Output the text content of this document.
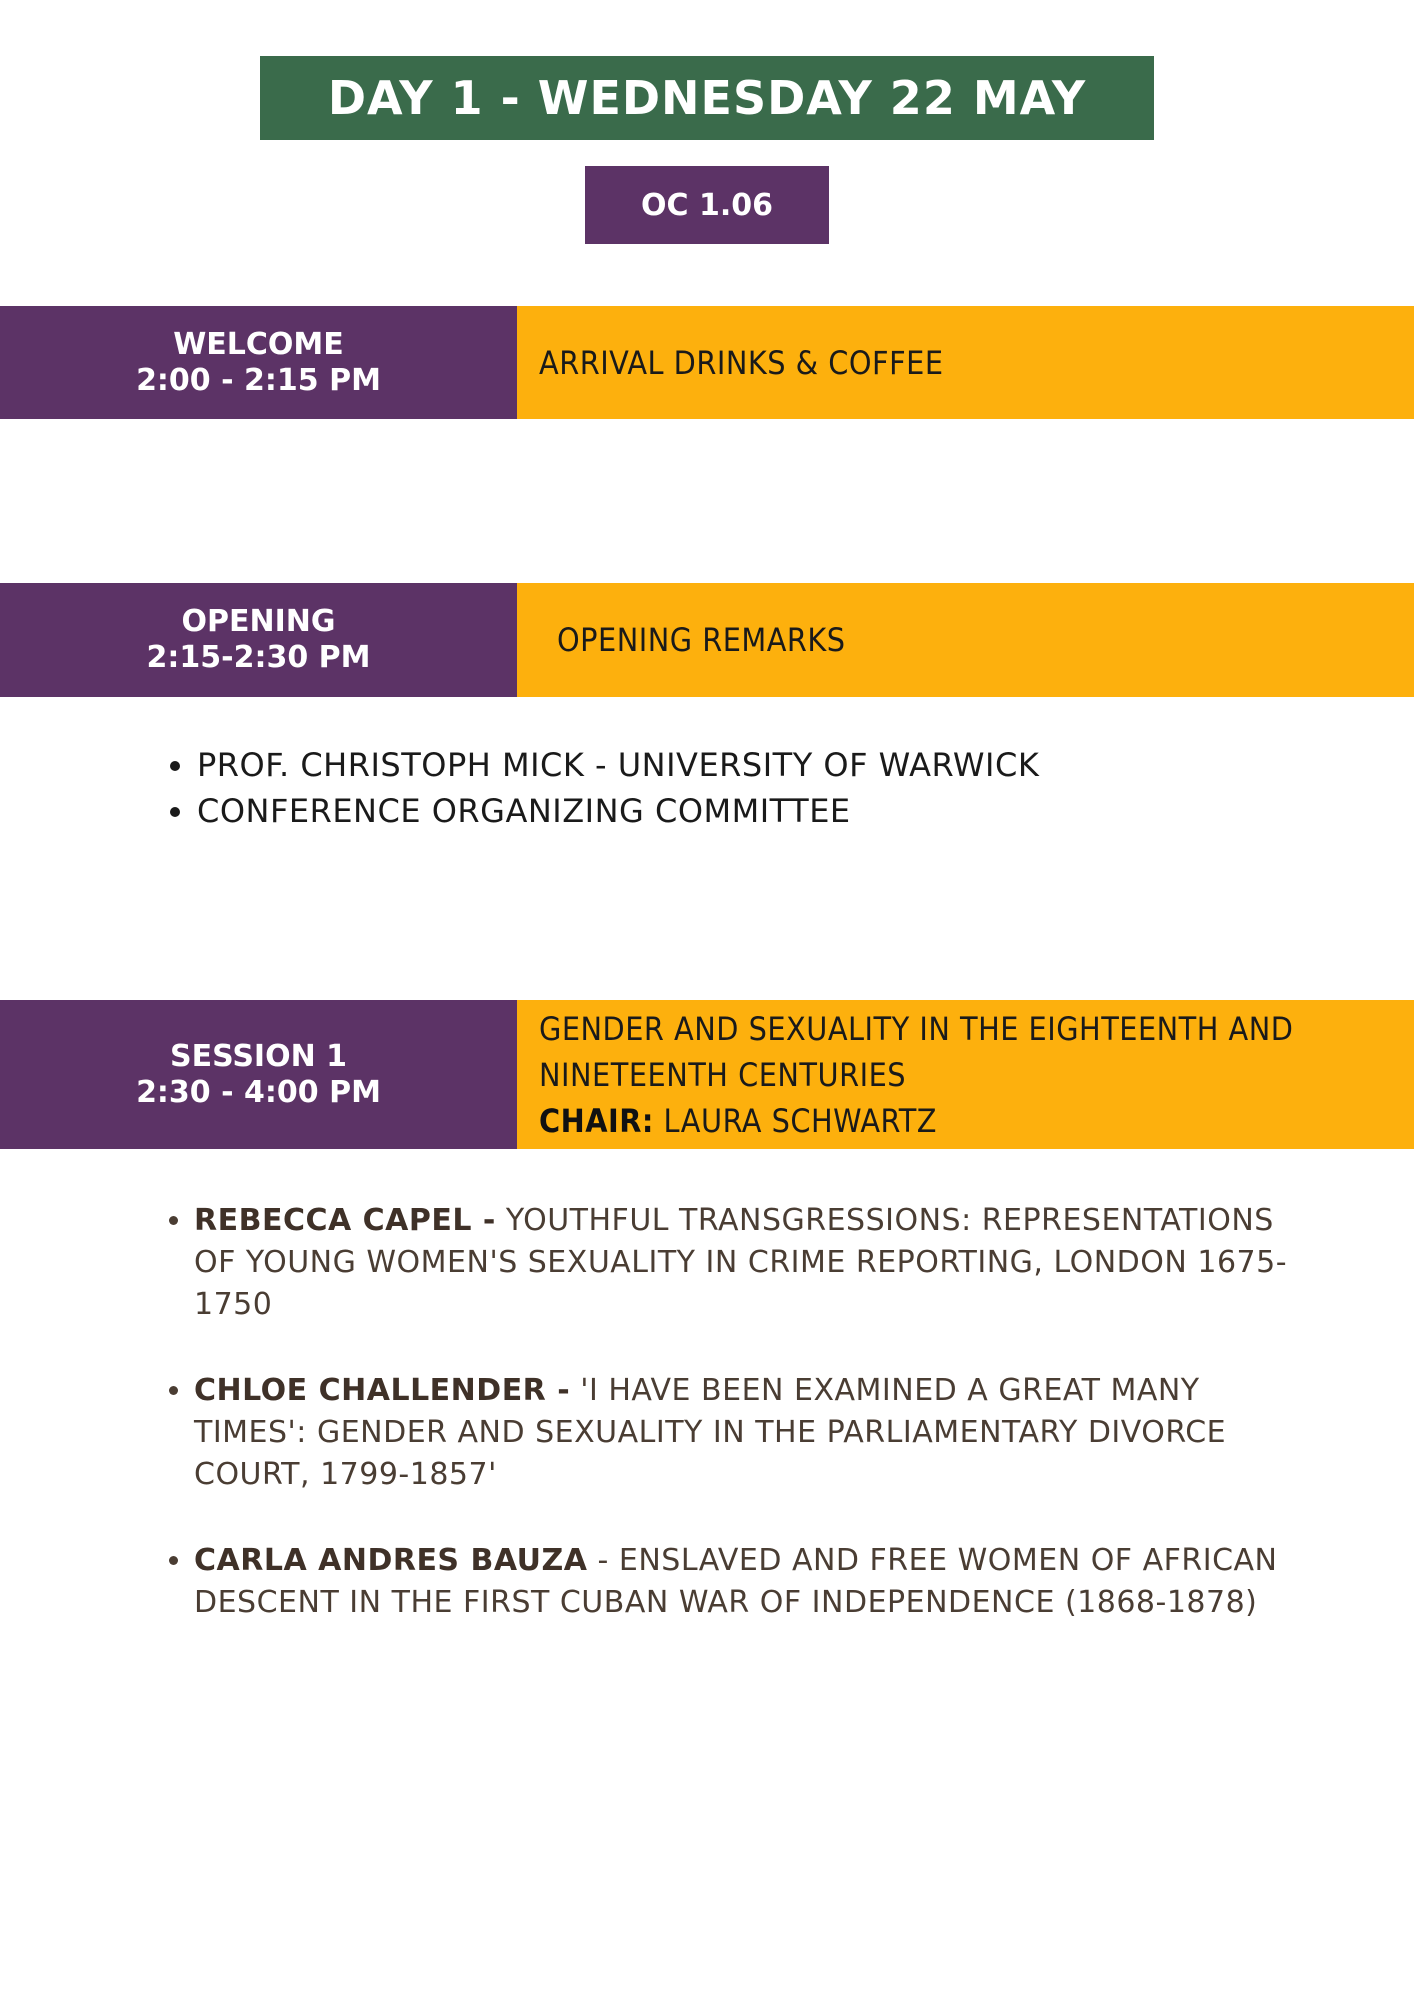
DAY 1 - WEDNESDAY 22 MAY
OC 1.06
WELCOME
2:00 - 2:15 PM	ARRIVAL DRINKS & COFFEE
OPENING
2:15-2:30 PM	OPENING REMARKS
• PROF. CHRISTOPH MICK - UNIVERSITY OF WARWICK
• CONFERENCE ORGANIZING COMMITTEE
SESSION 1
2:30 - 4:00 PM
GENDER AND SEXUALITY IN THE EIGHTEENTH AND NINETEENTH CENTURIES
CHAIR: LAURA SCHWARTZ
• REBECCA CAPEL - YOUTHFUL TRANSGRESSIONS: REPRESENTATIONS OF YOUNG WOMEN'S SEXUALITY IN CRIME REPORTING, LONDON 1675-1750
• CHLOE CHALLENDER - 'I HAVE BEEN EXAMINED A GREAT MANY TIMES': GENDER AND SEXUALITY IN THE PARLIAMENTARY DIVORCE COURT, 1799-1857'
• CARLA ANDRES BAUZA - ENSLAVED AND FREE WOMEN OF AFRICAN DESCENT IN THE FIRST CUBAN WAR OF INDEPENDENCE (1868-1878)
